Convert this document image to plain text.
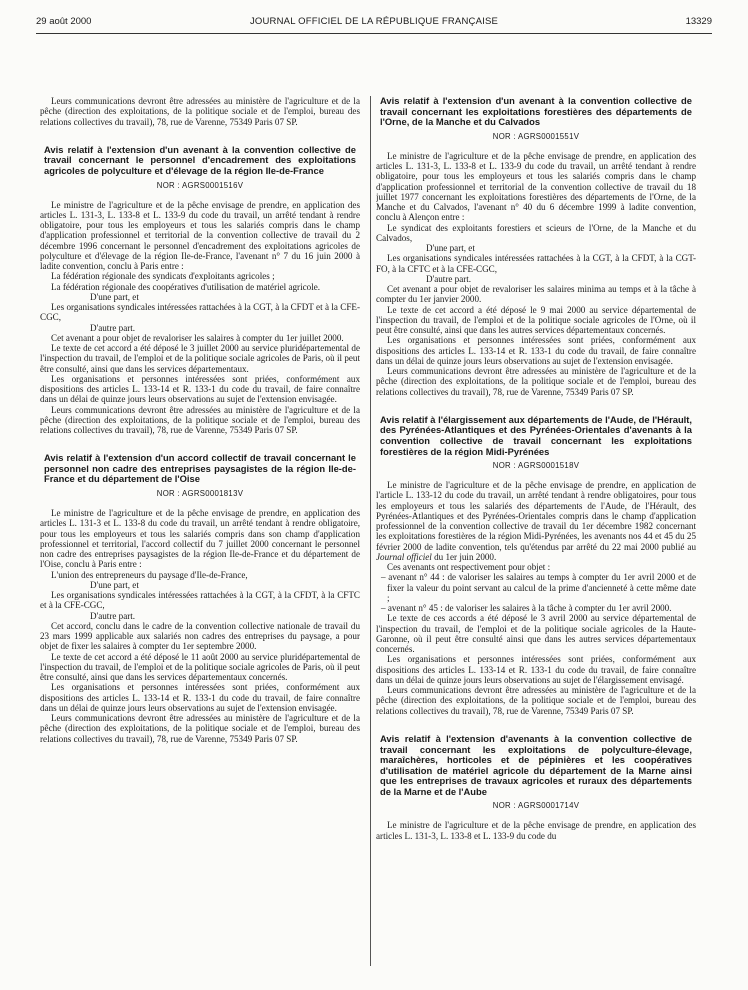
29 août 2000	JOURNAL OFFICIEL DE LA RÉPUBLIQUE FRANÇAISE	13329

Leurs communications devront être adressées au ministère de l'agriculture et de la pêche (direction des exploitations, de la politique sociale et de l'emploi, bureau des relations collectives du travail), 78, rue de Varenne, 75349 Paris 07 SP.

Avis relatif à l'extension d'un avenant à la convention collective de travail concernant le personnel d'encadrement des exploitations agricoles de polyculture et d'élevage de la région Ile-de-France
NOR : AGRS0001516V

Le ministre de l'agriculture et de la pêche envisage de prendre, en application des articles L. 131-3, L. 133-8 et L. 133-9 du code du travail, un arrêté tendant à rendre obligatoire, pour tous les employeurs et tous les salariés compris dans le champ d'application professionnel et territorial de la convention collective de travail du 2 décembre 1996 concernant le personnel d'encadrement des exploitations agricoles de polyculture et d'élevage de la région Ile-de-France, l'avenant n° 7 du 16 juin 2000 à ladite convention, conclu à Paris entre :

La fédération régionale des syndicats d'exploitants agricoles ;

La fédération régionale des coopératives d'utilisation de matériel agricole.

D'une part, et

Les organisations syndicales intéressées rattachées à la CGT, à la CFDT et à la CFE-CGC,

D'autre part.

Cet avenant a pour objet de revaloriser les salaires à compter du 1er juillet 2000.

Le texte de cet accord a été déposé le 3 juillet 2000 au service pluridépartemental de l'inspection du travail, de l'emploi et de la politique sociale agricoles de Paris, où il peut être consulté, ainsi que dans les services départementaux.

Les organisations et personnes intéressées sont priées, conformément aux dispositions des articles L. 133-14 et R. 133-1 du code du travail, de faire connaître dans un délai de quinze jours leurs observations au sujet de l'extension envisagée.

Leurs communications devront être adressées au ministère de l'agriculture et de la pêche (direction des exploitations, de la politique sociale et de l'emploi, bureau des relations collectives du travail), 78, rue de Varenne, 75349 Paris 07 SP.

Avis relatif à l'extension d'un accord collectif de travail concernant le personnel non cadre des entreprises paysagistes de la région Ile-de-France et du département de l'Oise
NOR : AGRS0001813V

Le ministre de l'agriculture et de la pêche envisage de prendre, en application des articles L. 131-3 et L. 133-8 du code du travail, un arrêté tendant à rendre obligatoire, pour tous les employeurs et tous les salariés compris dans son champ d'application professionnel et territorial, l'accord collectif du 7 juillet 2000 concernant le personnel non cadre des entreprises paysagistes de la région Ile-de-France et du département de l'Oise, conclu à Paris entre :

L'union des entrepreneurs du paysage d'Ile-de-France,

D'une part, et

Les organisations syndicales intéressées rattachées à la CGT, à la CFDT, à la CFTC et à la CFE-CGC,

D'autre part.

Cet accord, conclu dans le cadre de la convention collective nationale de travail du 23 mars 1999 applicable aux salariés non cadres des entreprises du paysage, a pour objet de fixer les salaires à compter du 1er septembre 2000.

Le texte de cet accord a été déposé le 11 août 2000 au service pluridépartemental de l'inspection du travail, de l'emploi et de la politique sociale agricoles de Paris, où il peut être consulté, ainsi que dans les services départementaux concernés.

Les organisations et personnes intéressées sont priées, conformément aux dispositions des articles L. 133-14 et R. 133-1 du code du travail, de faire connaître dans un délai de quinze jours leurs observations au sujet de l'extension envisagée.

Leurs communications devront être adressées au ministère de l'agriculture et de la pêche (direction des exploitations, de la politique sociale et de l'emploi, bureau des relations collectives du travail), 78, rue de Varenne, 75349 Paris 07 SP.

Avis relatif à l'extension d'un avenant à la convention collective de travail concernant les exploitations forestières des départements de l'Orne, de la Manche et du Calvados
NOR : AGRS0001551V

Le ministre de l'agriculture et de la pêche envisage de prendre, en application des articles L. 131-3, L. 133-8 et L. 133-9 du code du travail, un arrêté tendant à rendre obligatoire, pour tous les employeurs et tous les salariés compris dans le champ d'application professionnel et territorial de la convention collective de travail du 18 juillet 1977 concernant les exploitations forestières des départements de l'Orne, de la Manche et du Calvados, l'avenant n° 40 du 6 décembre 1999 à ladite convention, conclu à Alençon entre :

Le syndicat des exploitants forestiers et scieurs de l'Orne, de la Manche et du Calvados,

D'une part, et

Les organisations syndicales intéressées rattachées à la CGT, à la CFDT, à la CGT-FO, à la CFTC et à la CFE-CGC,

D'autre part.

Cet avenant a pour objet de revaloriser les salaires minima au temps et à la tâche à compter du 1er janvier 2000.

Le texte de cet accord a été déposé le 9 mai 2000 au service départemental de l'inspection du travail, de l'emploi et de la politique sociale agricoles de l'Orne, où il peut être consulté, ainsi que dans les autres services départementaux concernés.

Les organisations et personnes intéressées sont priées, conformément aux dispositions des articles L. 133-14 et R. 133-1 du code du travail, de faire connaître dans un délai de quinze jours leurs observations au sujet de l'extension envisagée.

Leurs communications devront être adressées au ministère de l'agriculture et de la pêche (direction des exploitations, de la politique sociale et de l'emploi, bureau des relations collectives du travail), 78, rue de Varenne, 75349 Paris 07 SP.

Avis relatif à l'élargissement aux départements de l'Aude, de l'Hérault, des Pyrénées-Atlantiques et des Pyrénées-Orientales d'avenants à la convention collective de travail concernant les exploitations forestières de la région Midi-Pyrénées
NOR : AGRS0001518V

Le ministre de l'agriculture et de la pêche envisage de prendre, en application de l'article L. 133-12 du code du travail, un arrêté tendant à rendre obligatoires, pour tous les employeurs et tous les salariés des départements de l'Aude, de l'Hérault, des Pyrénées-Atlantiques et des Pyrénées-Orientales compris dans le champ d'application professionnel de la convention collective de travail du 1er décembre 1982 concernant les exploitations forestières de la région Midi-Pyrénées, les avenants nos 44 et 45 du 25 février 2000 de ladite convention, tels qu'étendus par arrêté du 22 mai 2000 publié au Journal officiel du 1er juin 2000.

Ces avenants ont respectivement pour objet :

– avenant n° 44 : de valoriser les salaires au temps à compter du 1er avril 2000 et de fixer la valeur du point servant au calcul de la prime d'ancienneté à cette même date ;

– avenant n° 45 : de valoriser les salaires à la tâche à compter du 1er avril 2000.

Le texte de ces accords a été déposé le 3 avril 2000 au service départemental de l'inspection du travail, de l'emploi et de la politique sociale agricoles de la Haute-Garonne, où il peut être consulté ainsi que dans les autres services départementaux concernés.

Les organisations et personnes intéressées sont priées, conformément aux dispositions des articles L. 133-14 et R. 133-1 du code du travail, de faire connaître dans un délai de quinze jours leurs observations au sujet de l'élargissement envisagé.

Leurs communications devront être adressées au ministère de l'agriculture et de la pêche (direction des exploitations, de la politique sociale et de l'emploi, bureau des relations collectives du travail), 78, rue de Varenne, 75349 Paris 07 SP.

Avis relatif à l'extension d'avenants à la convention collective de travail concernant les exploitations de polyculture-élevage, maraîchères, horticoles et de pépinières et les coopératives d'utilisation de matériel agricole du département de la Marne ainsi que les entreprises de travaux agricoles et ruraux des départements de la Marne et de l'Aube
NOR : AGRS0001714V

Le ministre de l'agriculture et de la pêche envisage de prendre, en application des articles L. 131-3, L. 133-8 et L. 133-9 du code du
